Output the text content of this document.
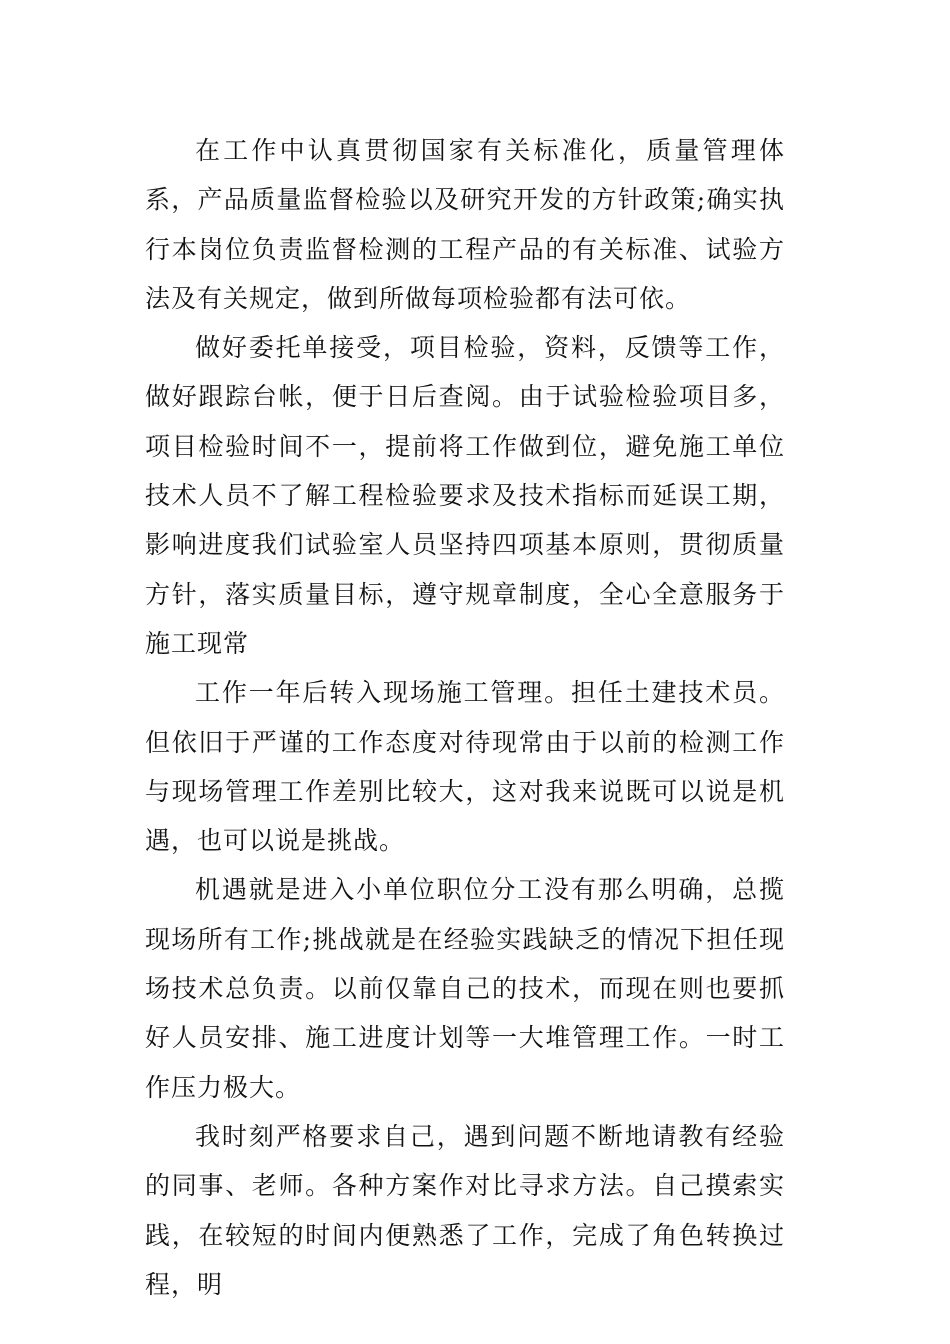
在工作中认真贯彻国家有关标准化，质量管理体系，产品质量监督检验以及研究开发的方针政策;确实执行本岗位负责监督检测的工程产品的有关标准、试验方法及有关规定，做到所做每项检验都有法可依。

做好委托单接受，项目检验，资料，反馈等工作，做好跟踪台帐，便于日后查阅。由于试验检验项目多，项目检验时间不一，提前将工作做到位，避免施工单位技术人员不了解工程检验要求及技术指标而延误工期，影响进度我们试验室人员坚持四项基本原则，贯彻质量方针，落实质量目标，遵守规章制度，全心全意服务于施工现常

工作一年后转入现场施工管理。担任土建技术员。但依旧于严谨的工作态度对待现常由于以前的检测工作与现场管理工作差别比较大，这对我来说既可以说是机遇，也可以说是挑战。

机遇就是进入小单位职位分工没有那么明确，总揽现场所有工作;挑战就是在经验实践缺乏的情况下担任现场技术总负责。以前仅靠自己的技术，而现在则也要抓好人员安排、施工进度计划等一大堆管理工作。一时工作压力极大。

我时刻严格要求自己，遇到问题不断地请教有经验的同事、老师。各种方案作对比寻求方法。自己摸索实践，在较短的时间内便熟悉了工作，完成了角色转换过程，明
